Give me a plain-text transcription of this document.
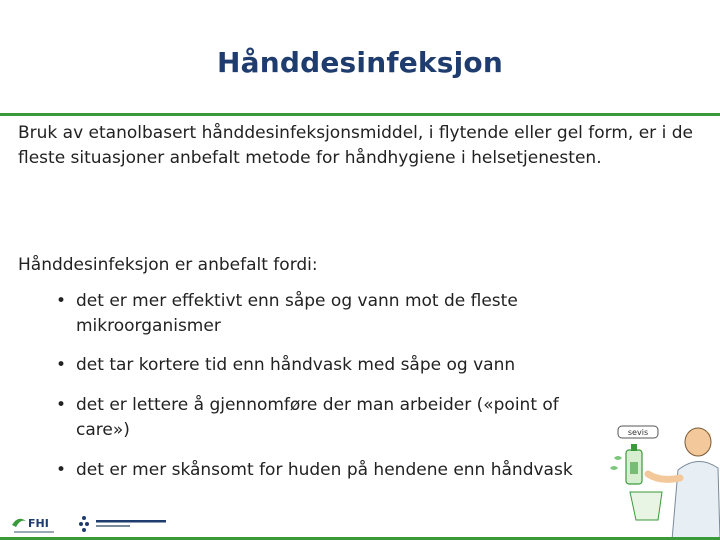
Hånddesinfeksjon
Bruk av etanolbasert hånddesinfeksjonsmiddel, i flytende eller gel form, er i de fleste situasjoner anbefalt metode for håndhygiene i helsetjenesten.
Hånddesinfeksjon er anbefalt fordi:
• det er mer effektivt enn såpe og vann mot de fleste mikroorganismer
• det tar kortere tid enn håndvask med såpe og vann
• det er lettere å gjennomføre der man arbeider («point of care»)
• det er mer skånsomt for huden på hendene enn håndvask
sevis
FHI
